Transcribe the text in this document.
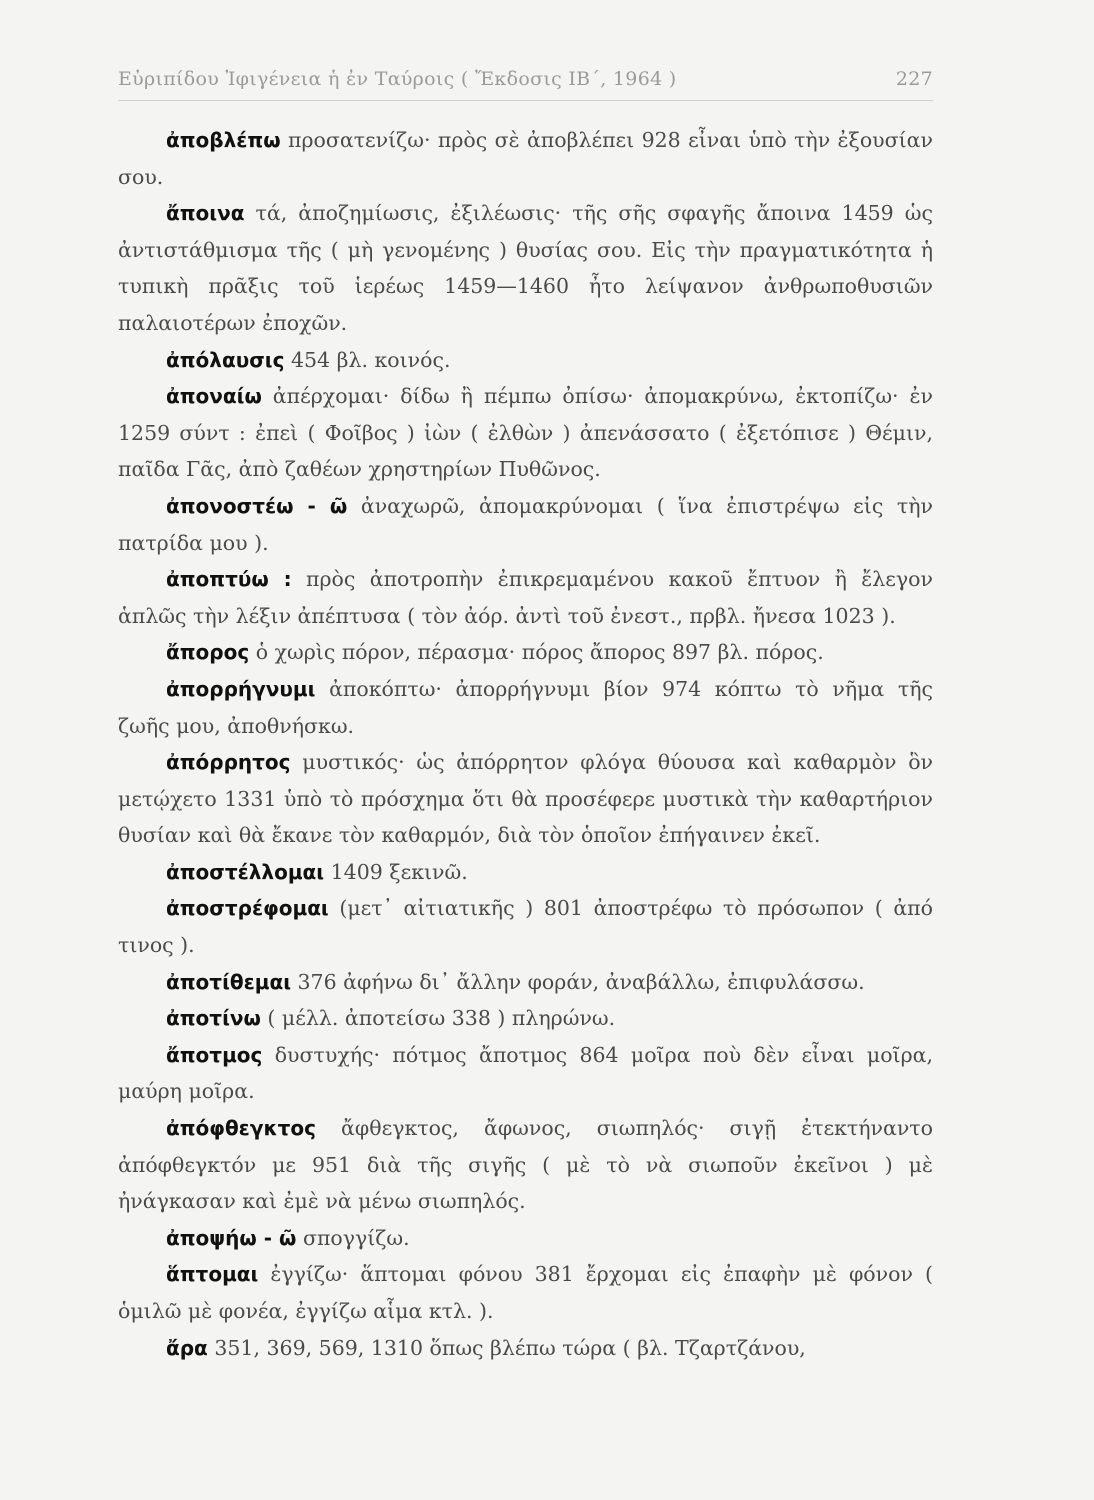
Εὐριπίδου Ἰφιγένεια ἡ ἐν Ταύροις ( Ἔκδοσις ΙΒ΄, 1964 )	227

ἀποβλέπω προσατενίζω· πρὸς σὲ ἀποβλέπει 928 εἶναι ὑπὸ τὴν ἐξουσίαν σου.

ἄποινα τά, ἀποζημίωσις, ἐξιλέωσις· τῆς σῆς σφαγῆς ἄποινα 1459 ὡς ἀντιστάθμισμα τῆς ( μὴ γενομένης ) θυσίας σου. Εἰς τὴν πραγματικότητα ἡ τυπικὴ πρᾶξις τοῦ ἱερέως 1459—1460 ἦτο λείψανον ἀνθρωποθυσιῶν παλαιοτέρων ἐποχῶν.

ἀπόλαυσις 454 βλ. κοινός.

ἀποναίω ἀπέρχομαι· δίδω ἢ πέμπω ὀπίσω· ἀπομακρύνω, ἐκτοπίζω· ἐν 1259 σύντ : ἐπεὶ ( Φοῖβος ) ἰὼν ( ἐλθὼν ) ἀπενάσσατο ( ἐξετόπισε ) Θέμιν, παῖδα Γᾶς, ἀπὸ ζαθέων χρηστηρίων Πυθῶνος.

ἀπονοστέω - ῶ ἀναχωρῶ, ἀπομακρύνομαι ( ἵνα ἐπιστρέψω εἰς τὴν πατρίδα μου ).

ἀποπτύω : πρὸς ἀποτροπὴν ἐπικρεμαμένου κακοῦ ἔπτυον ἢ ἔλεγον ἁπλῶς τὴν λέξιν ἀπέπτυσα ( τὸν ἀόρ. ἀντὶ τοῦ ἐνεστ., πρβλ. ἤνεσα 1023 ).

ἄπορος ὁ χωρὶς πόρον, πέρασμα· πόρος ἄπορος 897 βλ. πόρος.

ἀπορρήγνυμι ἀποκόπτω· ἀπορρήγνυμι βίον 974 κόπτω τὸ νῆμα τῆς ζωῆς μου, ἀποθνήσκω.

ἀπόρρητος μυστικός· ὡς ἀπόρρητον φλόγα θύουσα καὶ καθαρμὸν ὃν μετῴχετο 1331 ὑπὸ τὸ πρόσχημα ὅτι θὰ προσέφερε μυστικὰ τὴν καθαρτήριον θυσίαν καὶ θὰ ἔκανε τὸν καθαρμόν, διὰ τὸν ὁποῖον ἐπήγαινεν ἐκεῖ.

ἀποστέλλομαι 1409 ξεκινῶ.

ἀποστρέφομαι (μετ᾽ αἰτιατικῆς ) 801 ἀποστρέφω τὸ πρόσωπον ( ἀπό τινος ).

ἀποτίθεμαι 376 ἀφήνω δι᾽ ἄλλην φοράν, ἀναβάλλω, ἐπιφυλάσσω.

ἀποτίνω ( μέλλ. ἀποτείσω 338 ) πληρώνω.

ἄποτμος δυστυχής· πότμος ἄποτμος 864 μοῖρα ποὺ δὲν εἶναι μοῖρα, μαύρη μοῖρα.

ἀπόφθεγκτος ἄφθεγκτος, ἄφωνος, σιωπηλός· σιγῇ ἐτεκτήναντο ἀπόφθεγκτόν με 951 διὰ τῆς σιγῆς ( μὲ τὸ νὰ σιωποῦν ἐκεῖνοι ) μὲ ἠνάγκασαν καὶ ἐμὲ νὰ μένω σιωπηλός.

ἀποψήω - ῶ σπογγίζω.

ἅπτομαι ἐγγίζω· ἅπτομαι φόνου 381 ἔρχομαι εἰς ἐπαφὴν μὲ φόνον ( ὁμιλῶ μὲ φονέα, ἐγγίζω αἷμα κτλ. ).

ἄρα 351, 369, 569, 1310 ὅπως βλέπω τώρα ( βλ. Τζαρτζάνου,
